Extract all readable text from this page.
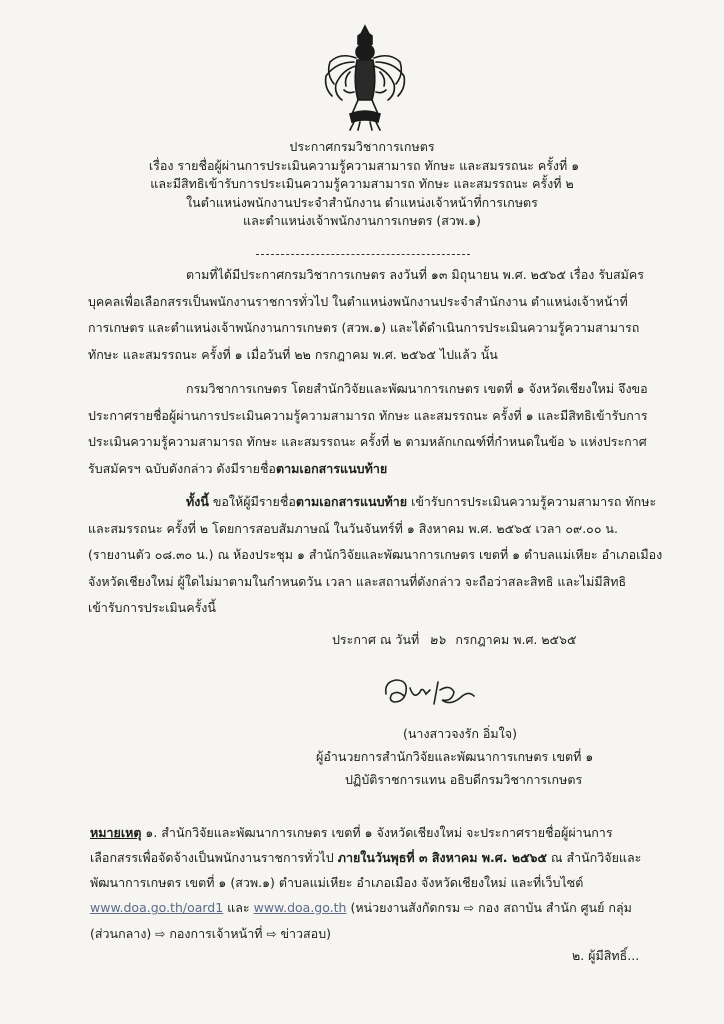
ประกาศกรมวิชาการเกษตร
เรื่อง รายชื่อผู้ผ่านการประเมินความรู้ความสามารถ ทักษะ และสมรรถนะ ครั้งที่ ๑
และมีสิทธิเข้ารับการประเมินความรู้ความสามารถ ทักษะ และสมรรถนะ ครั้งที่ ๒
ในตำแหน่งพนักงานประจำสำนักงาน ตำแหน่งเจ้าหน้าที่การเกษตร
และตำแหน่งเจ้าพนักงานการเกษตร (สวพ.๑)
ตามที่ได้มีประกาศกรมวิชาการเกษตร ลงวันที่ ๑๓ มิถุนายน พ.ศ. ๒๕๖๕ เรื่อง รับสมัคร
บุคคลเพื่อเลือกสรรเป็นพนักงานราชการทั่วไป ในตำแหน่งพนักงานประจำสำนักงาน ตำแหน่งเจ้าหน้าที่
การเกษตร และตำแหน่งเจ้าพนักงานการเกษตร (สวพ.๑) และได้ดำเนินการประเมินความรู้ความสามารถ
ทักษะ และสมรรถนะ ครั้งที่ ๑ เมื่อวันที่ ๒๒ กรกฎาคม พ.ศ. ๒๕๖๕ ไปแล้ว นั้น
กรมวิชาการเกษตร โดยสำนักวิจัยและพัฒนาการเกษตร เขตที่ ๑ จังหวัดเชียงใหม่ จึงขอ
ประกาศรายชื่อผู้ผ่านการประเมินความรู้ความสามารถ ทักษะ และสมรรถนะ ครั้งที่ ๑ และมีสิทธิเข้ารับการ
ประเมินความรู้ความสามารถ ทักษะ และสมรรถนะ ครั้งที่ ๒ ตามหลักเกณฑ์ที่กำหนดในข้อ ๖ แห่งประกาศ
รับสมัครฯ ฉบับดังกล่าว ดังมีรายชื่อตามเอกสารแนบท้าย
ทั้งนี้ ขอให้ผู้มีรายชื่อตามเอกสารแนบท้าย เข้ารับการประเมินความรู้ความสามารถ ทักษะ
และสมรรถนะ ครั้งที่ ๒ โดยการสอบสัมภาษณ์ ในวันจันทร์ที่ ๑ สิงหาคม พ.ศ. ๒๕๖๕ เวลา ๐๙.๐๐ น.
(รายงานตัว ๐๘.๓๐ น.) ณ ห้องประชุม ๑ สำนักวิจัยและพัฒนาการเกษตร เขตที่ ๑ ตำบลแม่เหียะ อำเภอเมือง
จังหวัดเชียงใหม่ ผู้ใดไม่มาตามในกำหนดวัน เวลา และสถานที่ดังกล่าว จะถือว่าสละสิทธิ และไม่มีสิทธิ
เข้ารับการประเมินครั้งนี้
ประกาศ ณ วันที่ ๒๖ กรกฎาคม พ.ศ. ๒๕๖๕
(นางสาวจงรัก อิ่มใจ)
ผู้อำนวยการสำนักวิจัยและพัฒนาการเกษตร เขตที่ ๑
ปฏิบัติราชการแทน อธิบดีกรมวิชาการเกษตร
หมายเหตุ ๑. สำนักวิจัยและพัฒนาการเกษตร เขตที่ ๑ จังหวัดเชียงใหม่ จะประกาศรายชื่อผู้ผ่านการ
เลือกสรรเพื่อจัดจ้างเป็นพนักงานราชการทั่วไป ภายในวันพุธที่ ๓ สิงหาคม พ.ศ. ๒๕๖๕ ณ สำนักวิจัยและ
พัฒนาการเกษตร เขตที่ ๑ (สวพ.๑) ตำบลแม่เหียะ อำเภอเมือง จังหวัดเชียงใหม่ และที่เว็บไซต์
www.doa.go.th/oard1 และ www.doa.go.th (หน่วยงานสังกัดกรม ⇨ กอง สถาบัน สำนัก ศูนย์ กลุ่ม
(ส่วนกลาง) ⇨ กองการเจ้าหน้าที่ ⇨ ข่าวสอบ)
๒. ผู้มีสิทธิ์...
